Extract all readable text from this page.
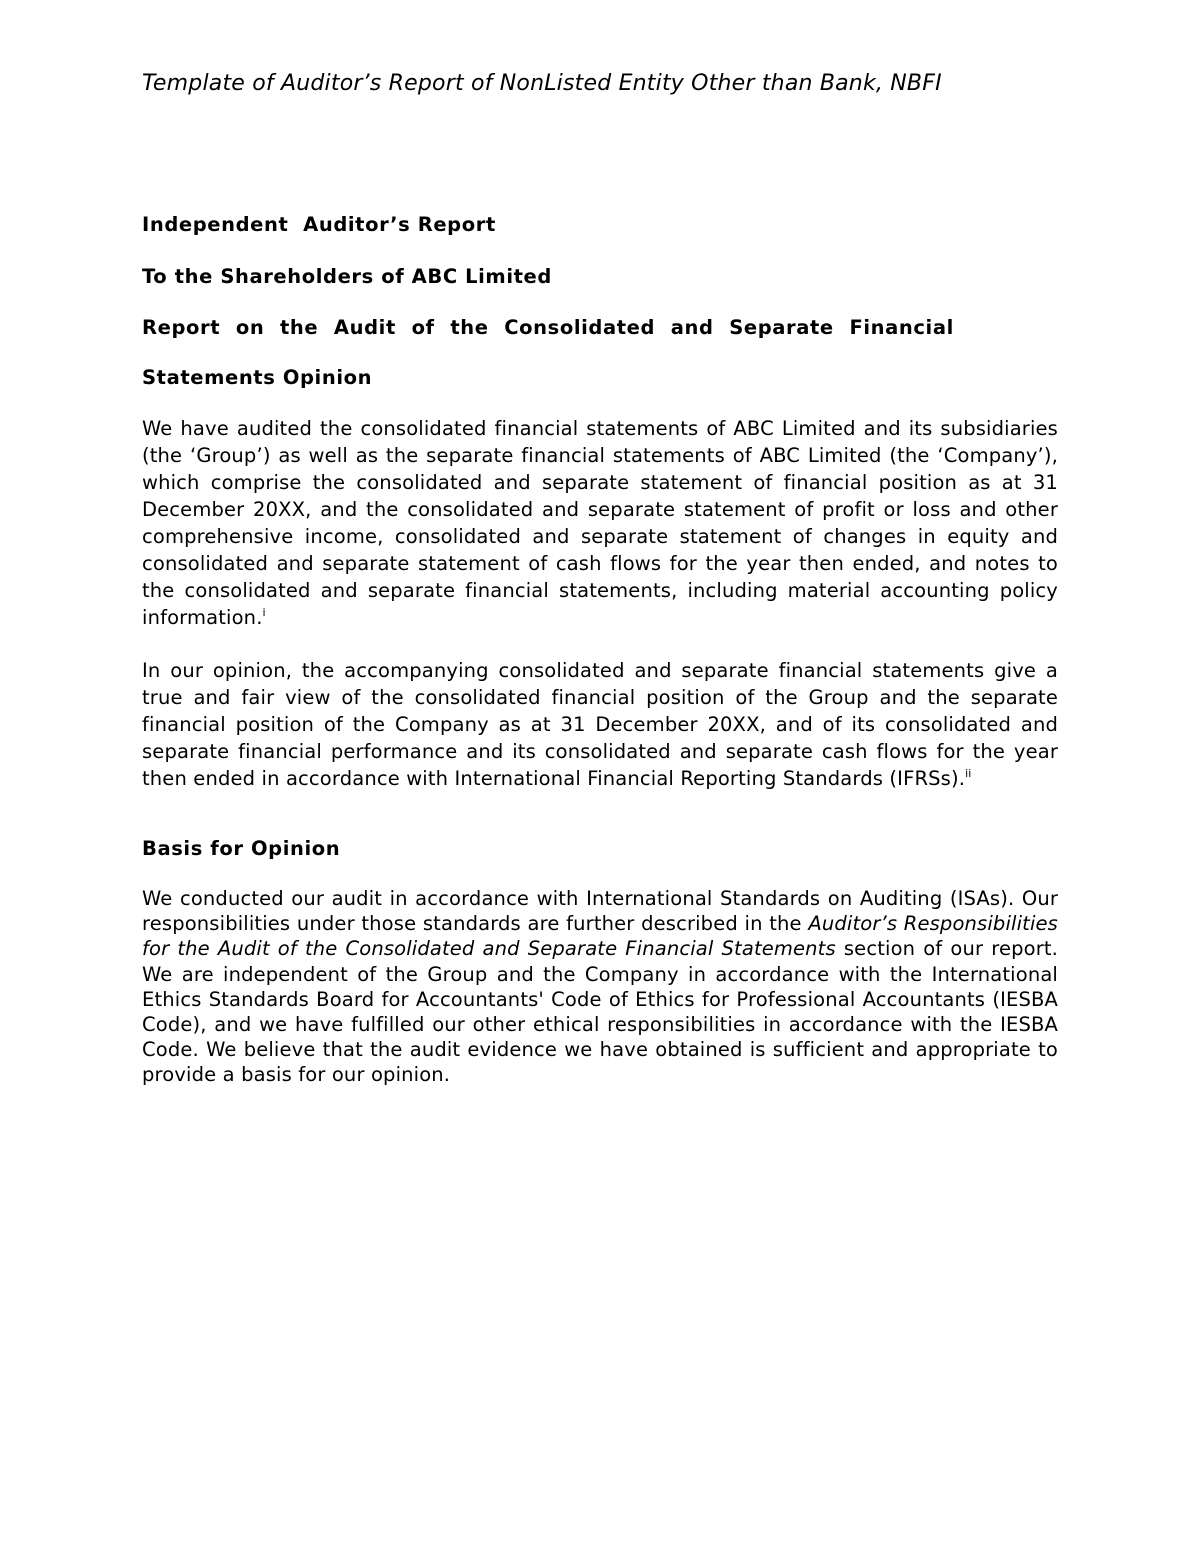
Template of Auditor’s Report of NonListed Entity Other than Bank, NBFI
Independent  Auditor’s Report
To the Shareholders of ABC Limited
Report on the Audit of the Consolidated and Separate Financial
Statements Opinion

We have audited the consolidated financial statements of ABC Limited and its subsidiaries (the ‘Group’) as well as the separate financial statements of ABC Limited (the ‘Company’), which comprise the consolidated and separate statement of financial position as at 31 December 20XX, and the consolidated and separate statement of profit or loss and other comprehensive income, consolidated and separate statement of changes in equity and consolidated and separate statement of cash flows for the year then ended, and notes to the consolidated and separate financial statements, including material accounting policy information.$^i$

In our opinion, the accompanying consolidated and separate financial statements give a true and fair view of the consolidated financial position of the Group and the separate financial position of the Company as at 31 December 20XX, and of its consolidated and separate financial performance and its consolidated and separate cash flows for the year then ended in accordance with International Financial Reporting Standards (IFRSs).$^{ii}$

Basis for Opinion

We conducted our audit in accordance with International Standards on Auditing (ISAs). Our responsibilities under those standards are further described in the Auditor’s Responsibilities for the Audit of the Consolidated and Separate Financial Statements section of our report. We are independent of the Group and the Company in accordance with the International Ethics Standards Board for Accountants' Code of Ethics for Professional Accountants (IESBA Code), and we have fulfilled our other ethical responsibilities in accordance with the IESBA Code. We believe that the audit evidence we have obtained is sufficient and appropriate to provide a basis for our opinion.
